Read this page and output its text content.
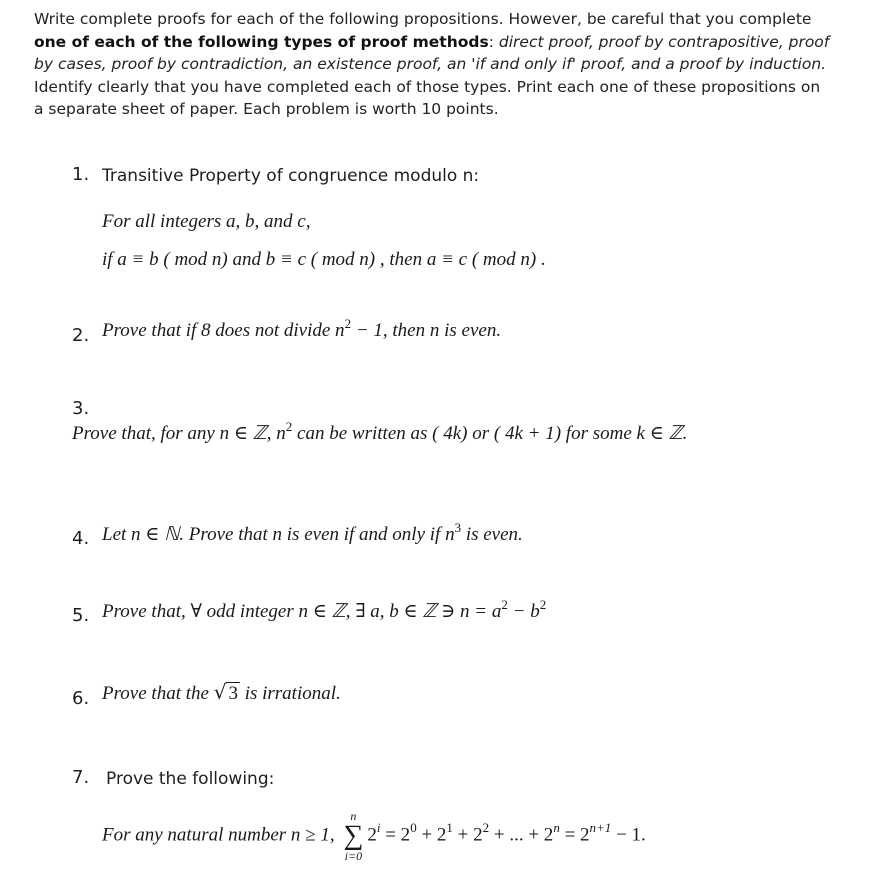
Write complete proofs for each of the following propositions. However, be careful that you complete one of each of the following types of proof methods: direct proof, proof by contrapositive, proof by cases, proof by contradiction, an existence proof, an 'if and only if' proof, and a proof by induction. Identify clearly that you have completed each of those types. Print each one of these propositions on a separate sheet of paper. Each problem is worth 10 points.
1. Transitive Property of congruence modulo n:
For all integers a, b, and c,
if a ≡ b ( mod n) and b ≡ c ( mod n) , then a ≡ c ( mod n) .
2. Prove that if 8 does not divide $n^2 - 1$, then n is even.
3.
Prove that, for any n ∈ ℤ, $n^2$ can be written as ( 4k) or ( 4k + 1) for some k ∈ ℤ.
4. Let n ∈ ℕ. Prove that n is even if and only if $n^3$ is even.
5. Prove that, ∀ odd integer n ∈ ℤ, ∃ a, b ∈ ℤ ∋ $n = a^2 - b^2$
6. Prove that the √ 3 is irrational.
7. Prove the following:
For any natural number n ≥ 1,
n
∑
i=0
$2^i = 2^0 + 2^1 + 2^2$ + ... + $2^n = 2^{n+1} - 1$.
